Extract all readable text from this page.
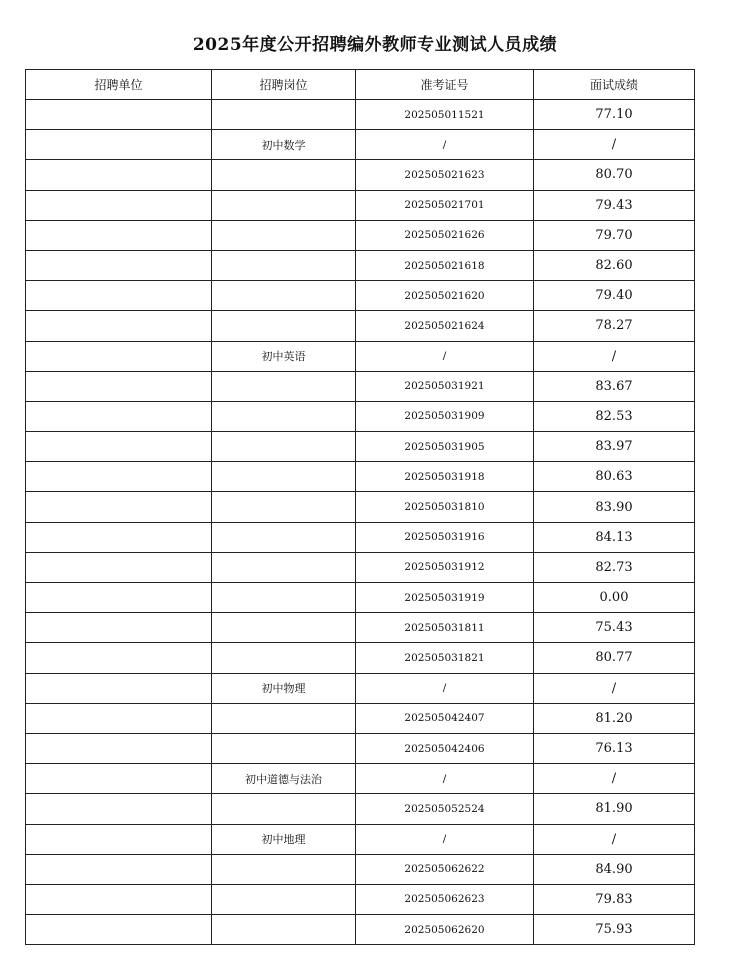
2025年度公开招聘编外教师专业测试人员成绩
招聘单位	招聘岗位	准考证号	面试成绩
		202505011521	77.10
	初中数学	/	/
		202505021623	80.70
		202505021701	79.43
		202505021626	79.70
		202505021618	82.60
		202505021620	79.40
		202505021624	78.27
	初中英语	/	/
		202505031921	83.67
		202505031909	82.53
		202505031905	83.97
		202505031918	80.63
		202505031810	83.90
		202505031916	84.13
		202505031912	82.73
		202505031919	0.00
		202505031811	75.43
		202505031821	80.77
	初中物理	/	/
		202505042407	81.20
		202505042406	76.13
	初中道德与法治	/	/
		202505052524	81.90
	初中地理	/	/
		202505062622	84.90
		202505062623	79.83
		202505062620	75.93
